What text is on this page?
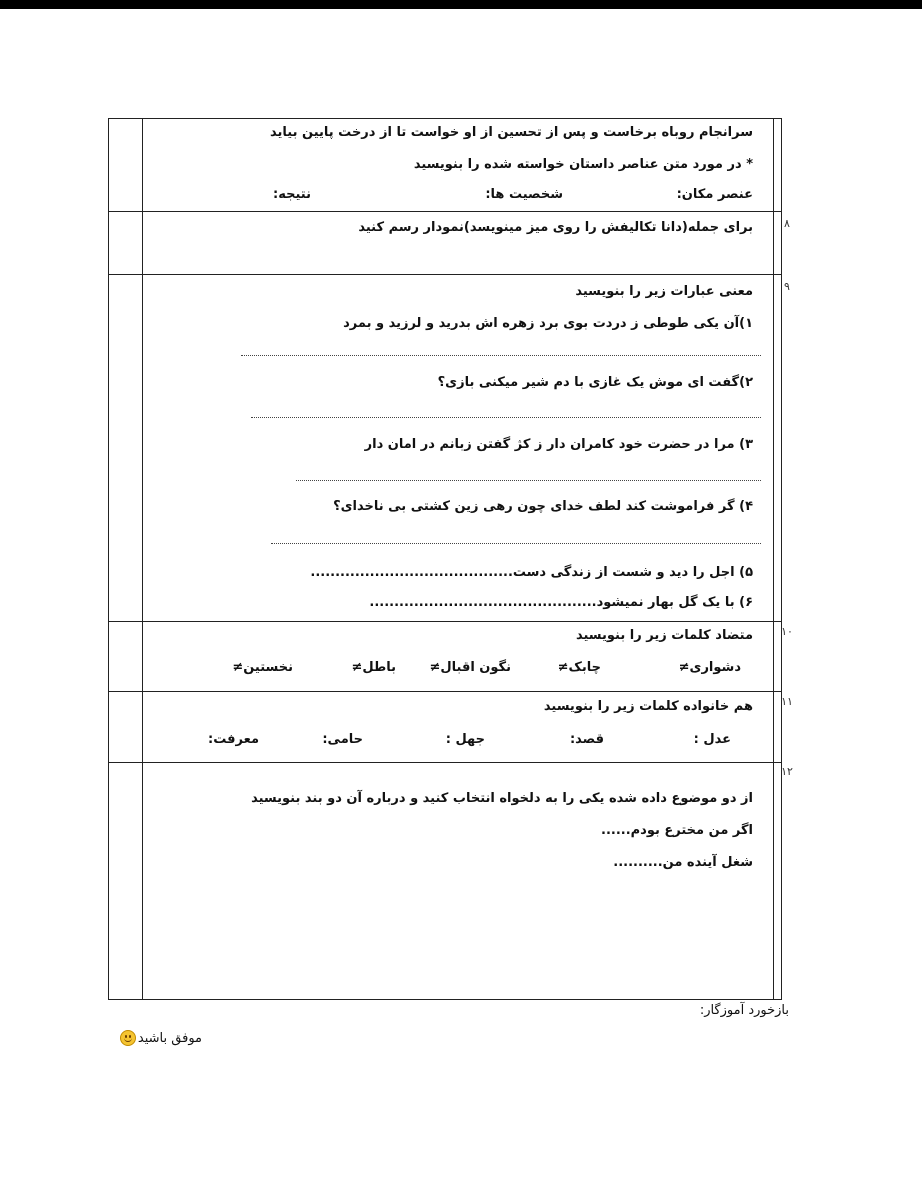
سرانجام روباه برخاست و پس از تحسین از او خواست تا از درخت پایین بیاید
* در مورد متن عناصر داستان خواسته شده را بنویسید
عنصر مکان:
شخصیت ها:
نتیجه:
۸
برای جمله(دانا تکالیفش را روی میز مینویسد)نمودار رسم کنید
۹
معنی عبارات زیر را بنویسید
۱)آن یکی طوطی ز دردت بوی برد زهره اش بدرید و لرزید و بمرد
۲)گفت ای موش یک غازی با دم شیر میکنی بازی؟
۳) مرا در حضرت خود کامران دار ز کژ گفتن زبانم در امان دار
۴) گر فراموشت کند لطف خدای چون رهی زین کشتی بی ناخدای؟
۵) اجل را دید و شست از زندگی دست.........................................
۶) با یک گل بهار نمیشود..............................................
۱۰
متضاد کلمات زیر را بنویسید
دشواری≠
چابک≠
نگون اقبال≠
باطل≠
نخستین≠
۱۱
هم خانواده کلمات زیر را بنویسید
عدل :
قصد:
جهل :
حامی:
معرفت:
۱۲
از دو موضوع داده شده یکی را به دلخواه انتخاب کنید و درباره آن دو بند بنویسید
اگر من مخترع بودم......
شغل آینده من..........
بازخورد آموزگار:
موفق باشید
